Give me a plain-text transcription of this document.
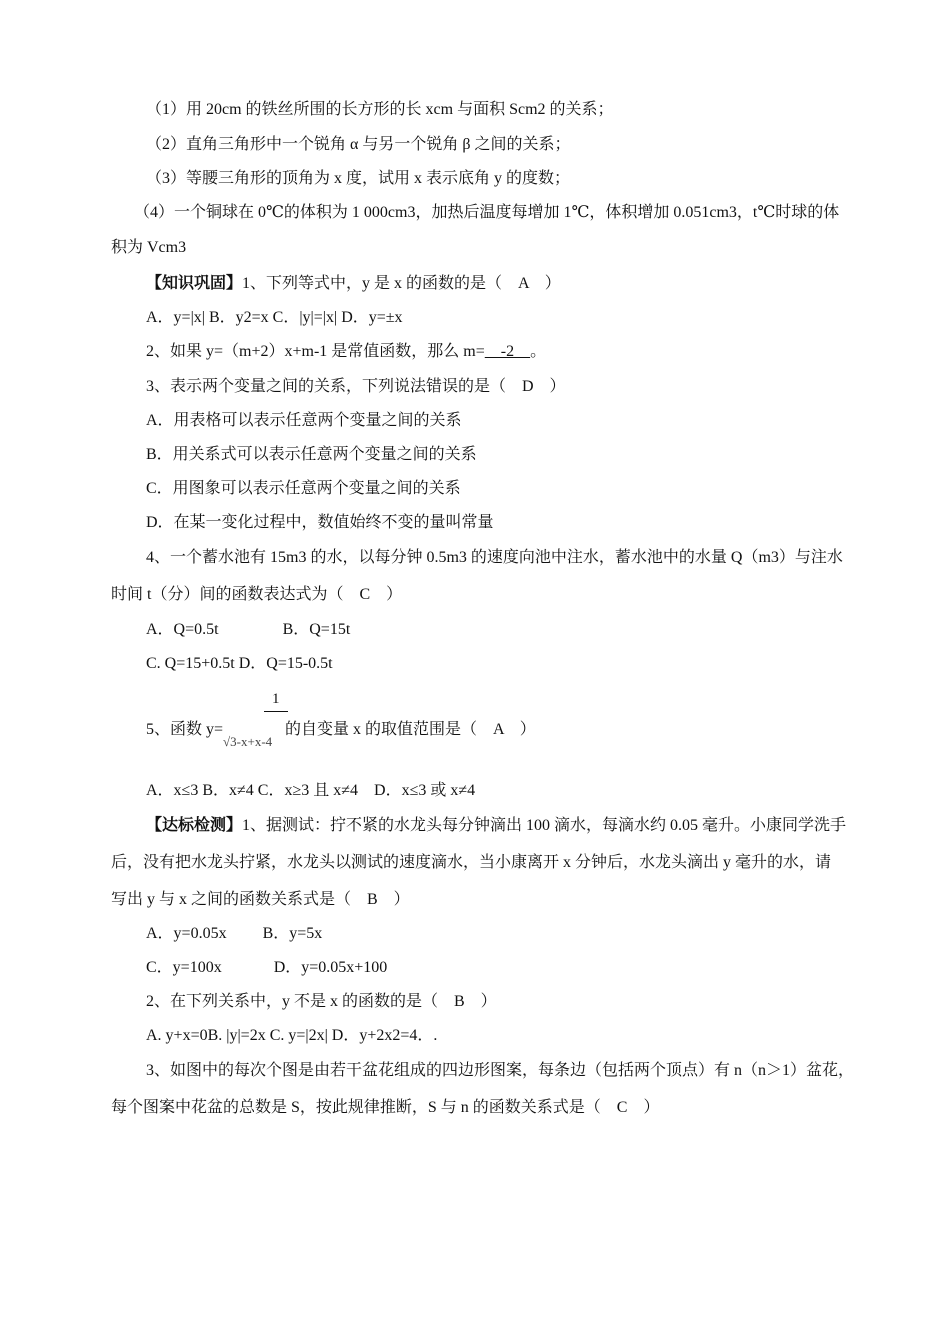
（1）用 20cm 的铁丝所围的长方形的长 xcm 与面积 Scm2 的关系；
（2）直角三角形中一个锐角 α 与另一个锐角 β 之间的关系；
（3）等腰三角形的顶角为 x 度，试用 x 表示底角 y 的度数；
（4）一个铜球在 0℃的体积为 1 000cm3，加热后温度每增加 1℃，体积增加 0.051cm3，t℃时球的体
积为 Vcm3
【知识巩固】1、下列等式中，y 是 x 的函数的是（　A　）
A．y=|x| B．y2=x C．|y|=|x| D．y=±x
2、如果 y=（m+2）x+m-1 是常值函数，那么 m=　-2　。
3、表示两个变量之间的关系，下列说法错误的是（　D　）
A．用表格可以表示任意两个变量之间的关系
B．用关系式可以表示任意两个变量之间的关系
C．用图象可以表示任意两个变量之间的关系
D．在某一变化过程中，数值始终不变的量叫常量
4、一个蓄水池有 15m3 的水，以每分钟 0.5m3 的速度向池中注水，蓄水池中的水量 Q（m3）与注水
时间 t（分）间的函数表达式为（　C　）
A．Q=0.5t　　　　B．Q=15t
C. Q=15+0.5t D．Q=15-0.5t
1
5、函数 y=
√3-x+x-4
的自变量 x 的取值范围是（　A　）
A．x≤3 B．x≠4 C．x≥3 且 x≠4　D．x≤3 或 x≠4
【达标检测】1、据测试：拧不紧的水龙头每分钟滴出 100 滴水，每滴水约 0.05 毫升。小康同学洗手
后，没有把水龙头拧紧，水龙头以测试的速度滴水，当小康离开 x 分钟后，水龙头滴出 y 毫升的水，请
写出 y 与 x 之间的函数关系式是（　B　）
A．y=0.05x　　 B．y=5x
C．y=100x　　　 D．y=0.05x+100
2、在下列关系中，y 不是 x 的函数的是（　B　）
A. y+x=0B. |y|=2x C. y=|2x| D．y+2x2=4．.
3、如图中的每次个图是由若干盆花组成的四边形图案，每条边（包括两个顶点）有 n（n＞1）盆花，
每个图案中花盆的总数是 S，按此规律推断，S 与 n 的函数关系式是（　C　）
